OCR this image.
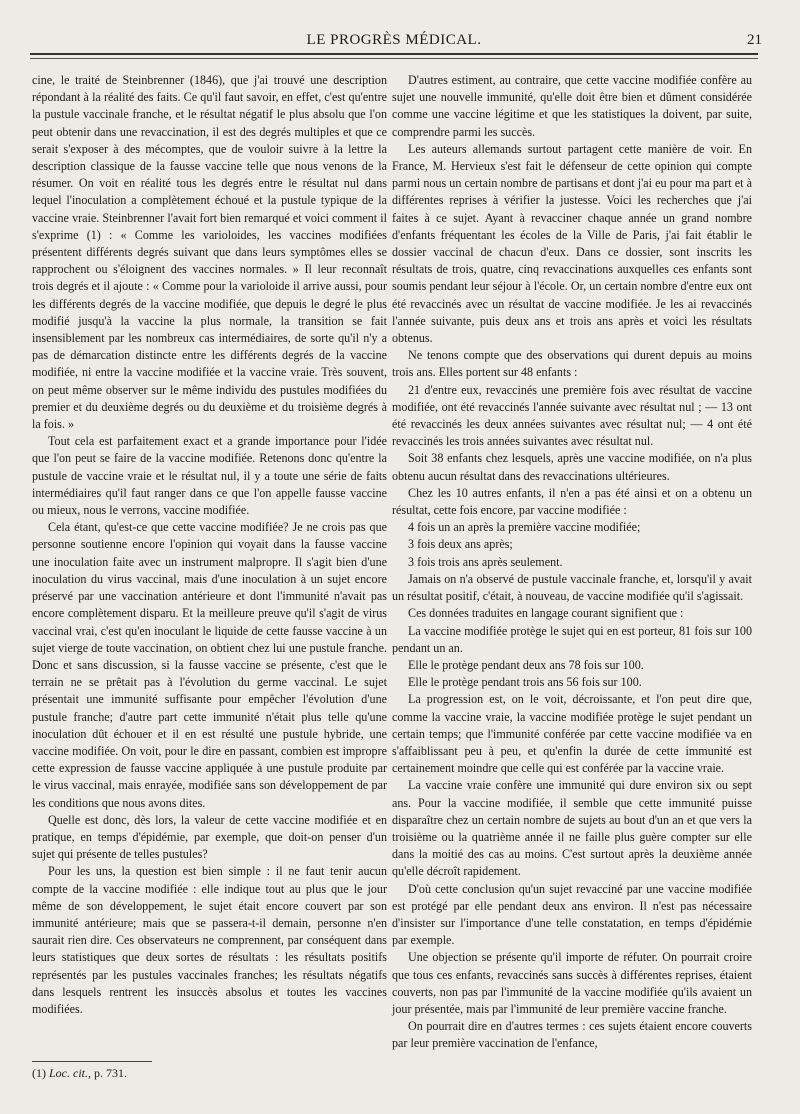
LE PROGRÈS MÉDICAL.	21

cine, le traité de Steinbrenner (1846), que j'ai trouvé une description répondant à la réalité des faits. Ce qu'il faut savoir, en effet, c'est qu'entre la pustule vaccinale franche, et le résultat négatif le plus absolu que l'on peut obtenir dans une revaccination, il est des degrés multiples et que ce serait s'exposer à des mécomptes, que de vouloir suivre à la lettre la description classique de la fausse vaccine telle que nous venons de la résumer. On voit en réalité tous les degrés entre le résultat nul dans lequel l'inoculation a complètement échoué et la pustule typique de la vaccine vraie. Steinbrenner l'avait fort bien remarqué et voici comment il s'exprime (1) : « Comme les varioloides, les vaccines modifiées présentent différents degrés suivant que dans leurs symptômes elles se rapprochent ou s'éloignent des vaccines normales. » Il leur reconnaît trois degrés et il ajoute : « Comme pour la varioloide il arrive aussi, pour les différents degrés de la vaccine modifiée, que depuis le degré le plus modifié jusqu'à la vaccine la plus normale, la transition se fait insensiblement par les nombreux cas intermédiaires, de sorte qu'il n'y a pas de démarcation distincte entre les différents degrés de la vaccine modifiée, ni entre la vaccine modifiée et la vaccine vraie. Très souvent, on peut même observer sur le même individu des pustules modifiées du premier et du deuxième degrés ou du deuxième et du troisième degrés à la fois. »

Tout cela est parfaitement exact et a grande importance pour l'idée que l'on peut se faire de la vaccine modifiée. Retenons donc qu'entre la pustule de vaccine vraie et le résultat nul, il y a toute une série de faits intermédiaires qu'il faut ranger dans ce que l'on appelle fausse vaccine ou mieux, nous le verrons, vaccine modifiée.

Cela étant, qu'est-ce que cette vaccine modifiée? Je ne crois pas que personne soutienne encore l'opinion qui voyait dans la fausse vaccine une inoculation faite avec un instrument malpropre. Il s'agit bien d'une inoculation du virus vaccinal, mais d'une inoculation à un sujet encore préservé par une vaccination antérieure et dont l'immunité n'avait pas encore complètement disparu. Et la meilleure preuve qu'il s'agit de virus vaccinal vrai, c'est qu'en inoculant le liquide de cette fausse vaccine à un sujet vierge de toute vaccination, on obtient chez lui une pustule franche. Donc et sans discussion, si la fausse vaccine se présente, c'est que le terrain ne se prêtait pas à l'évolution du germe vaccinal. Le sujet présentait une immunité suffisante pour empêcher l'évolution d'une pustule franche; d'autre part cette immunité n'était plus telle qu'une inoculation dût échouer et il en est résulté une pustule hybride, une vaccine modifiée. On voit, pour le dire en passant, combien est impropre cette expression de fausse vaccine appliquée à une pustule produite par le virus vaccinal, mais enrayée, modifiée sans son développement de par les conditions que nous avons dites.

Quelle est donc, dès lors, la valeur de cette vaccine modifiée et en pratique, en temps d'épidémie, par exemple, que doit-on penser d'un sujet qui présente de telles pustules?

Pour les uns, la question est bien simple : il ne faut tenir aucun compte de la vaccine modifiée : elle indique tout au plus que le jour même de son développement, le sujet était encore couvert par son immunité antérieure; mais que se passera-t-il demain, personne n'en saurait rien dire. Ces observateurs ne comprennent, par conséquent dans leurs statistiques que deux sortes de résultats : les résultats positifs représentés par les pustules vaccinales franches; les résultats négatifs dans lesquels rentrent les insuccès absolus et toutes les vaccines modifiées.

D'autres estiment, au contraire, que cette vaccine modifiée confère au sujet une nouvelle immunité, qu'elle doit être bien et dûment considérée comme une vaccine légitime et que les statistiques la doivent, par suite, comprendre parmi les succès.

Les auteurs allemands surtout partagent cette manière de voir. En France, M. Hervieux s'est fait le défenseur de cette opinion qui compte parmi nous un certain nombre de partisans et dont j'ai eu pour ma part et à différentes reprises à vérifier la justesse. Voici les recherches que j'ai faites à ce sujet. Ayant à revacciner chaque année un grand nombre d'enfants fréquentant les écoles de la Ville de Paris, j'ai fait établir le dossier vaccinal de chacun d'eux. Dans ce dossier, sont inscrits les résultats de trois, quatre, cinq revaccinations auxquelles ces enfants sont soumis pendant leur séjour à l'école. Or, un certain nombre d'entre eux ont été revaccinés avec un résultat de vaccine modifiée. Je les ai revaccinés l'année suivante, puis deux ans et trois ans après et voici les résultats obtenus.

Ne tenons compte que des observations qui durent depuis au moins trois ans. Elles portent sur 48 enfants :

21 d'entre eux, revaccinés une première fois avec résultat de vaccine modifiée, ont été revaccinés l'année suivante avec résultat nul ; — 13 ont été revaccinés les deux années suivantes avec résultat nul; — 4 ont été revaccinés les trois années suivantes avec résultat nul.

Soit 38 enfants chez lesquels, après une vaccine modifiée, on n'a plus obtenu aucun résultat dans des revaccinations ultérieures.

Chez les 10 autres enfants, il n'en a pas été ainsi et on a obtenu un résultat, cette fois encore, par vaccine modifiée :

4 fois un an après la première vaccine modifiée;

3 fois deux ans après;

3 fois trois ans après seulement.

Jamais on n'a observé de pustule vaccinale franche, et, lorsqu'il y avait un résultat positif, c'était, à nouveau, de vaccine modifiée qu'il s'agissait.

Ces données traduites en langage courant signifient que :

La vaccine modifiée protège le sujet qui en est porteur, 81 fois sur 100 pendant un an.

Elle le protège pendant deux ans 78 fois sur 100.

Elle le protège pendant trois ans 56 fois sur 100.

La progression est, on le voit, décroissante, et l'on peut dire que, comme la vaccine vraie, la vaccine modifiée protège le sujet pendant un certain temps; que l'immunité conférée par cette vaccine modifiée va en s'affaiblissant peu à peu, et qu'enfin la durée de cette immunité est certainement moindre que celle qui est conférée par la vaccine vraie.

La vaccine vraie confère une immunité qui dure environ six ou sept ans. Pour la vaccine modifiée, il semble que cette immunité puisse disparaître chez un certain nombre de sujets au bout d'un an et que vers la troisième ou la quatrième année il ne faille plus guère compter sur elle dans la moitié des cas au moins. C'est surtout après la deuxième année qu'elle décroît rapidement.

D'où cette conclusion qu'un sujet revacciné par une vaccine modifiée est protégé par elle pendant deux ans environ. Il n'est pas nécessaire d'insister sur l'importance d'une telle constatation, en temps d'épidémie par exemple.

Une objection se présente qu'il importe de réfuter. On pourrait croire que tous ces enfants, revaccinés sans succès à différentes reprises, étaient couverts, non pas par l'immunité de la vaccine modifiée qu'ils avaient un jour présentée, mais par l'immunité de leur première vaccine franche.

On pourrait dire en d'autres termes : ces sujets étaient encore couverts par leur première vaccination de l'enfance,

(1) Loc. cit., p. 731.
